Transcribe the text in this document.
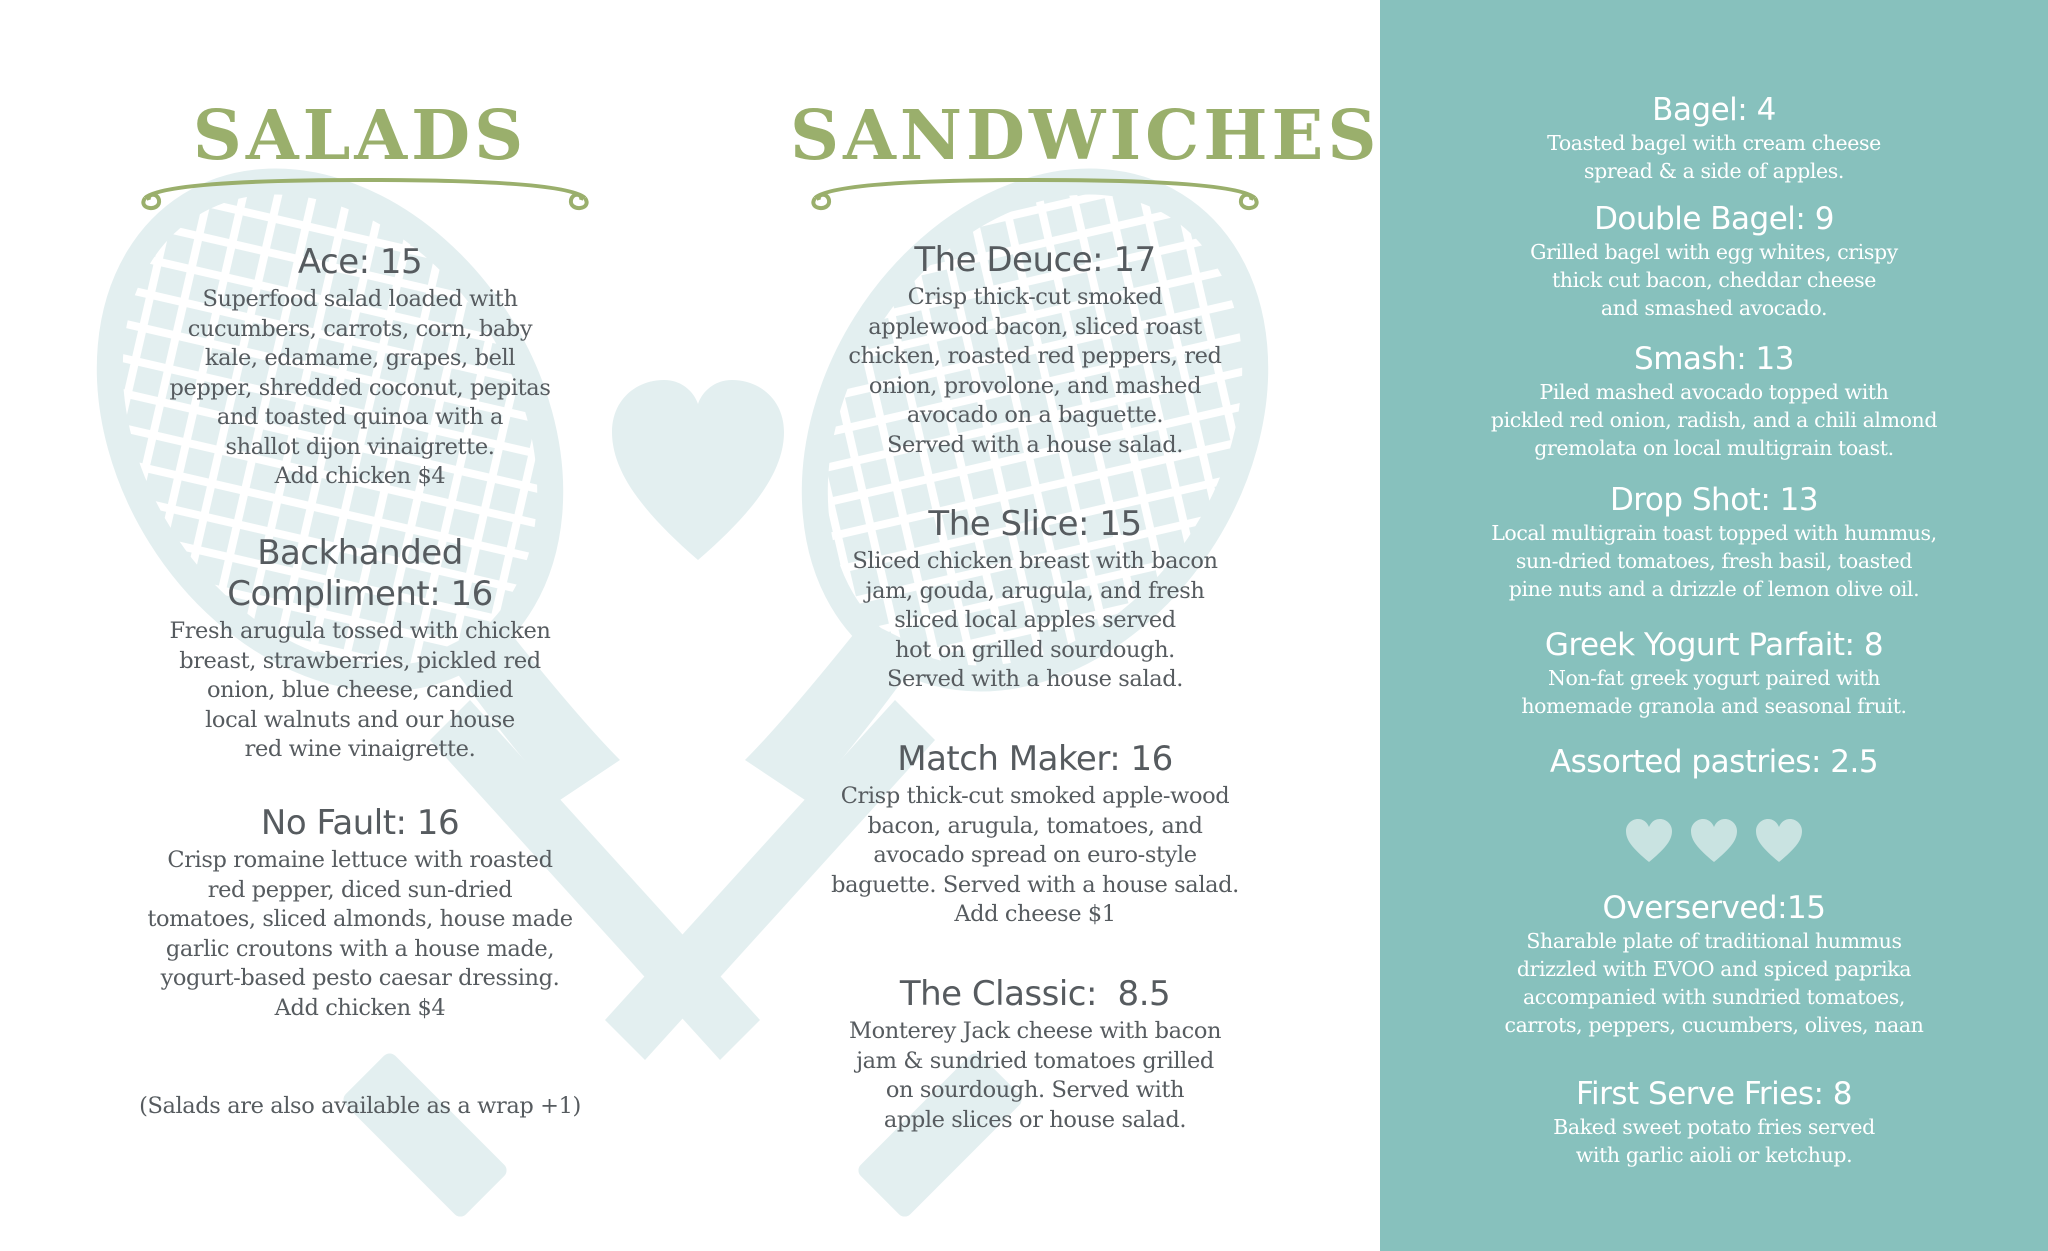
SALADS
Ace: 15

Superfood salad loaded with
cucumbers, carrots, corn, baby
kale, edamame, grapes, bell
pepper, shredded coconut, pepitas
and toasted quinoa with a
shallot dijon vinaigrette.
Add chicken $4

Backhanded
Compliment: 16

Fresh arugula tossed with chicken
breast, strawberries, pickled red
onion, blue cheese, candied
local walnuts and our house
red wine vinaigrette.

No Fault: 16

Crisp romaine lettuce with roasted
red pepper, diced sun-dried
tomatoes, sliced almonds, house made
garlic croutons with a house made,
yogurt-based pesto caesar dressing.
Add chicken $4

(Salads are also available as a wrap +1)
SANDWICHES
The Deuce: 17

Crisp thick-cut smoked
applewood bacon, sliced roast
chicken, roasted red peppers, red
onion, provolone, and mashed
avocado on a baguette.
Served with a house salad.

The Slice: 15

Sliced chicken breast with bacon
jam, gouda, arugula, and fresh
sliced local apples served
hot on grilled sourdough.
Served with a house salad.

Match Maker: 16

Crisp thick-cut smoked apple-wood
bacon, arugula, tomatoes, and
avocado spread on euro-style
baguette. Served with a house salad.
Add cheese $1

The Classic:  8.5

Monterey Jack cheese with bacon
jam & sundried tomatoes grilled
on sourdough. Served with
apple slices or house salad.

Bagel: 4

Toasted bagel with cream cheese
spread & a side of apples.

Double Bagel: 9

Grilled bagel with egg whites, crispy
thick cut bacon, cheddar cheese
and smashed avocado.

Smash: 13

Piled mashed avocado topped with
pickled red onion, radish, and a chili almond
gremolata on local multigrain toast.

Drop Shot: 13

Local multigrain toast topped with hummus,
sun-dried tomatoes, fresh basil, toasted
pine nuts and a drizzle of lemon olive oil.

Greek Yogurt Parfait: 8

Non-fat greek yogurt paired with
homemade granola and seasonal fruit.

Assorted pastries: 2.5

Overserved:15

Sharable plate of traditional hummus
drizzled with EVOO and spiced paprika
accompanied with sundried tomatoes,
carrots, peppers, cucumbers, olives, naan

First Serve Fries: 8

Baked sweet potato fries served
with garlic aioli or ketchup.
